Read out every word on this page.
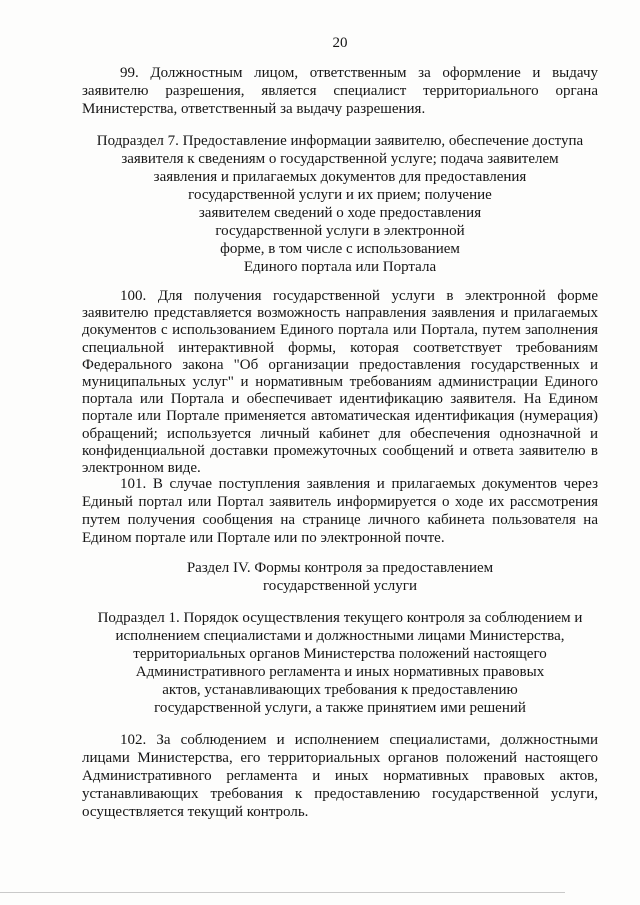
20
99. Должностным лицом, ответственным за оформление и выдачу
заявителю разрешения, является специалист территориального органа
Министерства, ответственный за выдачу разрешения.
Подраздел 7. Предоставление информации заявителю, обеспечение доступа
заявителя к сведениям о государственной услуге; подача заявителем
заявления и прилагаемых документов для предоставления
государственной услуги и их прием; получение
заявителем сведений о ходе предоставления
государственной услуги в электронной
форме, в том числе с использованием
Единого портала или Портала
100. Для получения государственной услуги в электронной форме
заявителю представляется возможность направления заявления и прилагаемых
документов с использованием Единого портала или Портала, путем заполнения
специальной интерактивной формы, которая соответствует требованиям
Федерального закона "Об организации предоставления государственных и
муниципальных услуг" и нормативным требованиям администрации Единого
портала или Портала и обеспечивает идентификацию заявителя. На Едином
портале или Портале применяется автоматическая идентификация (нумерация)
обращений; используется личный кабинет для обеспечения однозначной и
конфиденциальной доставки промежуточных сообщений и ответа заявителю в
электронном виде.
101. В случае поступления заявления и прилагаемых документов через
Единый портал или Портал заявитель информируется о ходе их рассмотрения
путем получения сообщения на странице личного кабинета пользователя на
Едином портале или Портале или по электронной почте.
Раздел IV. Формы контроля за предоставлением
государственной услуги
Подраздел 1. Порядок осуществления текущего контроля за соблюдением и
исполнением специалистами и должностными лицами Министерства,
территориальных органов Министерства положений настоящего
Административного регламента и иных нормативных правовых
актов, устанавливающих требования к предоставлению
государственной услуги, а также принятием ими решений
102. За соблюдением и исполнением специалистами, должностными
лицами Министерства, его территориальных органов положений настоящего
Административного регламента и иных нормативных правовых актов,
устанавливающих требования к предоставлению государственной услуги,
осуществляется текущий контроль.
